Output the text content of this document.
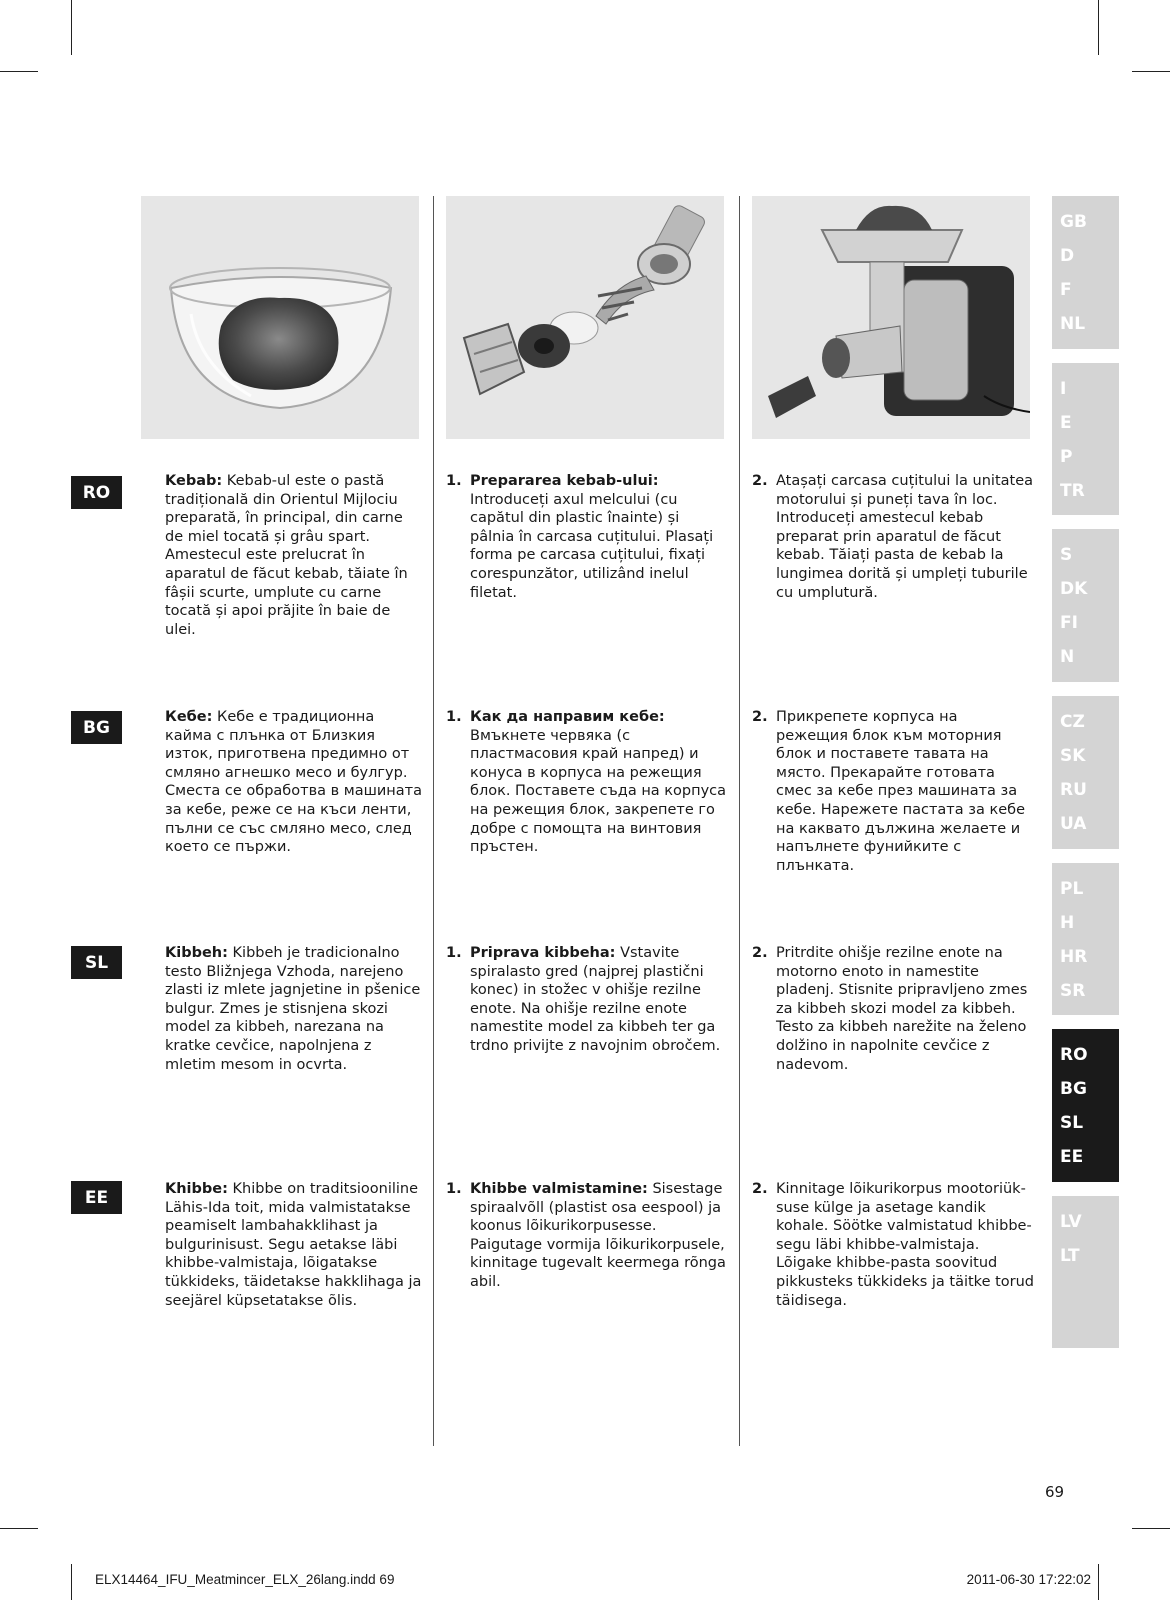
RO
Kebab: Kebab-ul este o pastă tradițională din Orientul Mijlociu preparată, în principal, din carne de miel tocată și grâu spart. Amestecul este prelucrat în aparatul de făcut kebab, tăiate în fâșii scurte, umplute cu carne tocată și apoi prăjite în baie de ulei.
1. Prepararea kebab-ului: Introduceți axul melcului (cu capătul din plastic înainte) și pâlnia în carcasa cuțitului. Plasați forma pe carcasa cuțitului, fixați corespunzător, utilizând inelul filetat.
2. Atașați carcasa cuțitului la unitatea motorului și puneți tava în loc. Introduceți amestecul kebab preparat prin aparatul de făcut kebab. Tăiați pasta de kebab la lungimea dorită și umpleți tuburile cu umplutură.
BG
Кебе: Кебе е традиционна кайма с плънка от Близкия изток, приготвена предимно от смляно агнешко месо и булгур. Сместа се обработва в машината за кебе, реже се на къси ленти, пълни се със смляно месо, след което се пържи.
1. Как да направим кебе: Вмъкнете червяка (с пластмасовия край напред) и конуса в корпуса на режещия блок. Поставете съда на корпуса на режещия блок, закрепете го добре с помощта на винтовия пръстен.
2. Прикрепете корпуса на режещия блок към моторния блок и поставете тавата на място. Прекарайте готовата смес за кебе през машината за кебе. Нарежете пастата за кебе на каквато дължина желаете и напълнете фунийките с плънката.
SL	Kibbeh: Kibbeh je tradicionalno testo Bližnjega Vzhoda, narejeno zlasti iz mlete jagnjetine in pšenice bulgur. Zmes je stisnjena skozi model za kibbeh, narezana na kratke cevčice, napolnjena z mletim mesom in ocvrta.
1. Priprava kibbeha: Vstavite spiralasto gred (najprej plastični konec) in stožec v ohišje rezilne enote. Na ohišje rezilne enote namestite model za kibbeh ter ga trdno privijte z navojnim obročem.
2. Pritrdite ohišje rezilne enote na motorno enoto in namestite pladenj. Stisnite pripravljeno zmes za kibbeh skozi model za kibbeh. Testo za kibbeh narežite na želeno dolžino in napolnite cevčice z nadevom.
EE	Khibbe: Khibbe on traditsiooniline Lähis-Ida toit, mida valmistatakse peamiselt lambahakklihast ja bulgurinisust. Segu aetakse läbi khibbe-valmistaja, lõigatakse tükkideks, täidetakse hakklihaga ja seejärel küpsetatakse õlis.
1. Khibbe valmistamine: Sisestage spiraalvõll (plastist osa eespool) ja koonus lõikurikorpusesse. Paigutage vormija lõikurikorpusele, kinnitage tugevalt keermega rõnga abil.
2. Kinnitage lõikurikorpus mootoriük-suse külge ja asetage kandik kohale. Söötke valmistatud khibbe-segu läbi khibbe-valmistaja. Lõigake khibbe-pasta soovitud pikkusteks tükkideks ja täitke torud täidisega.
GB
D
F
NL
I
E
P
TR
S
DK
FI
N
CZ
SK
RU
UA
PL
H
HR
SR
RO
BG
SL
EE
LV
LT
69
ELX14464_IFU_Meatmincer_ELX_26lang.indd 69	2011-06-30 17:22:02
